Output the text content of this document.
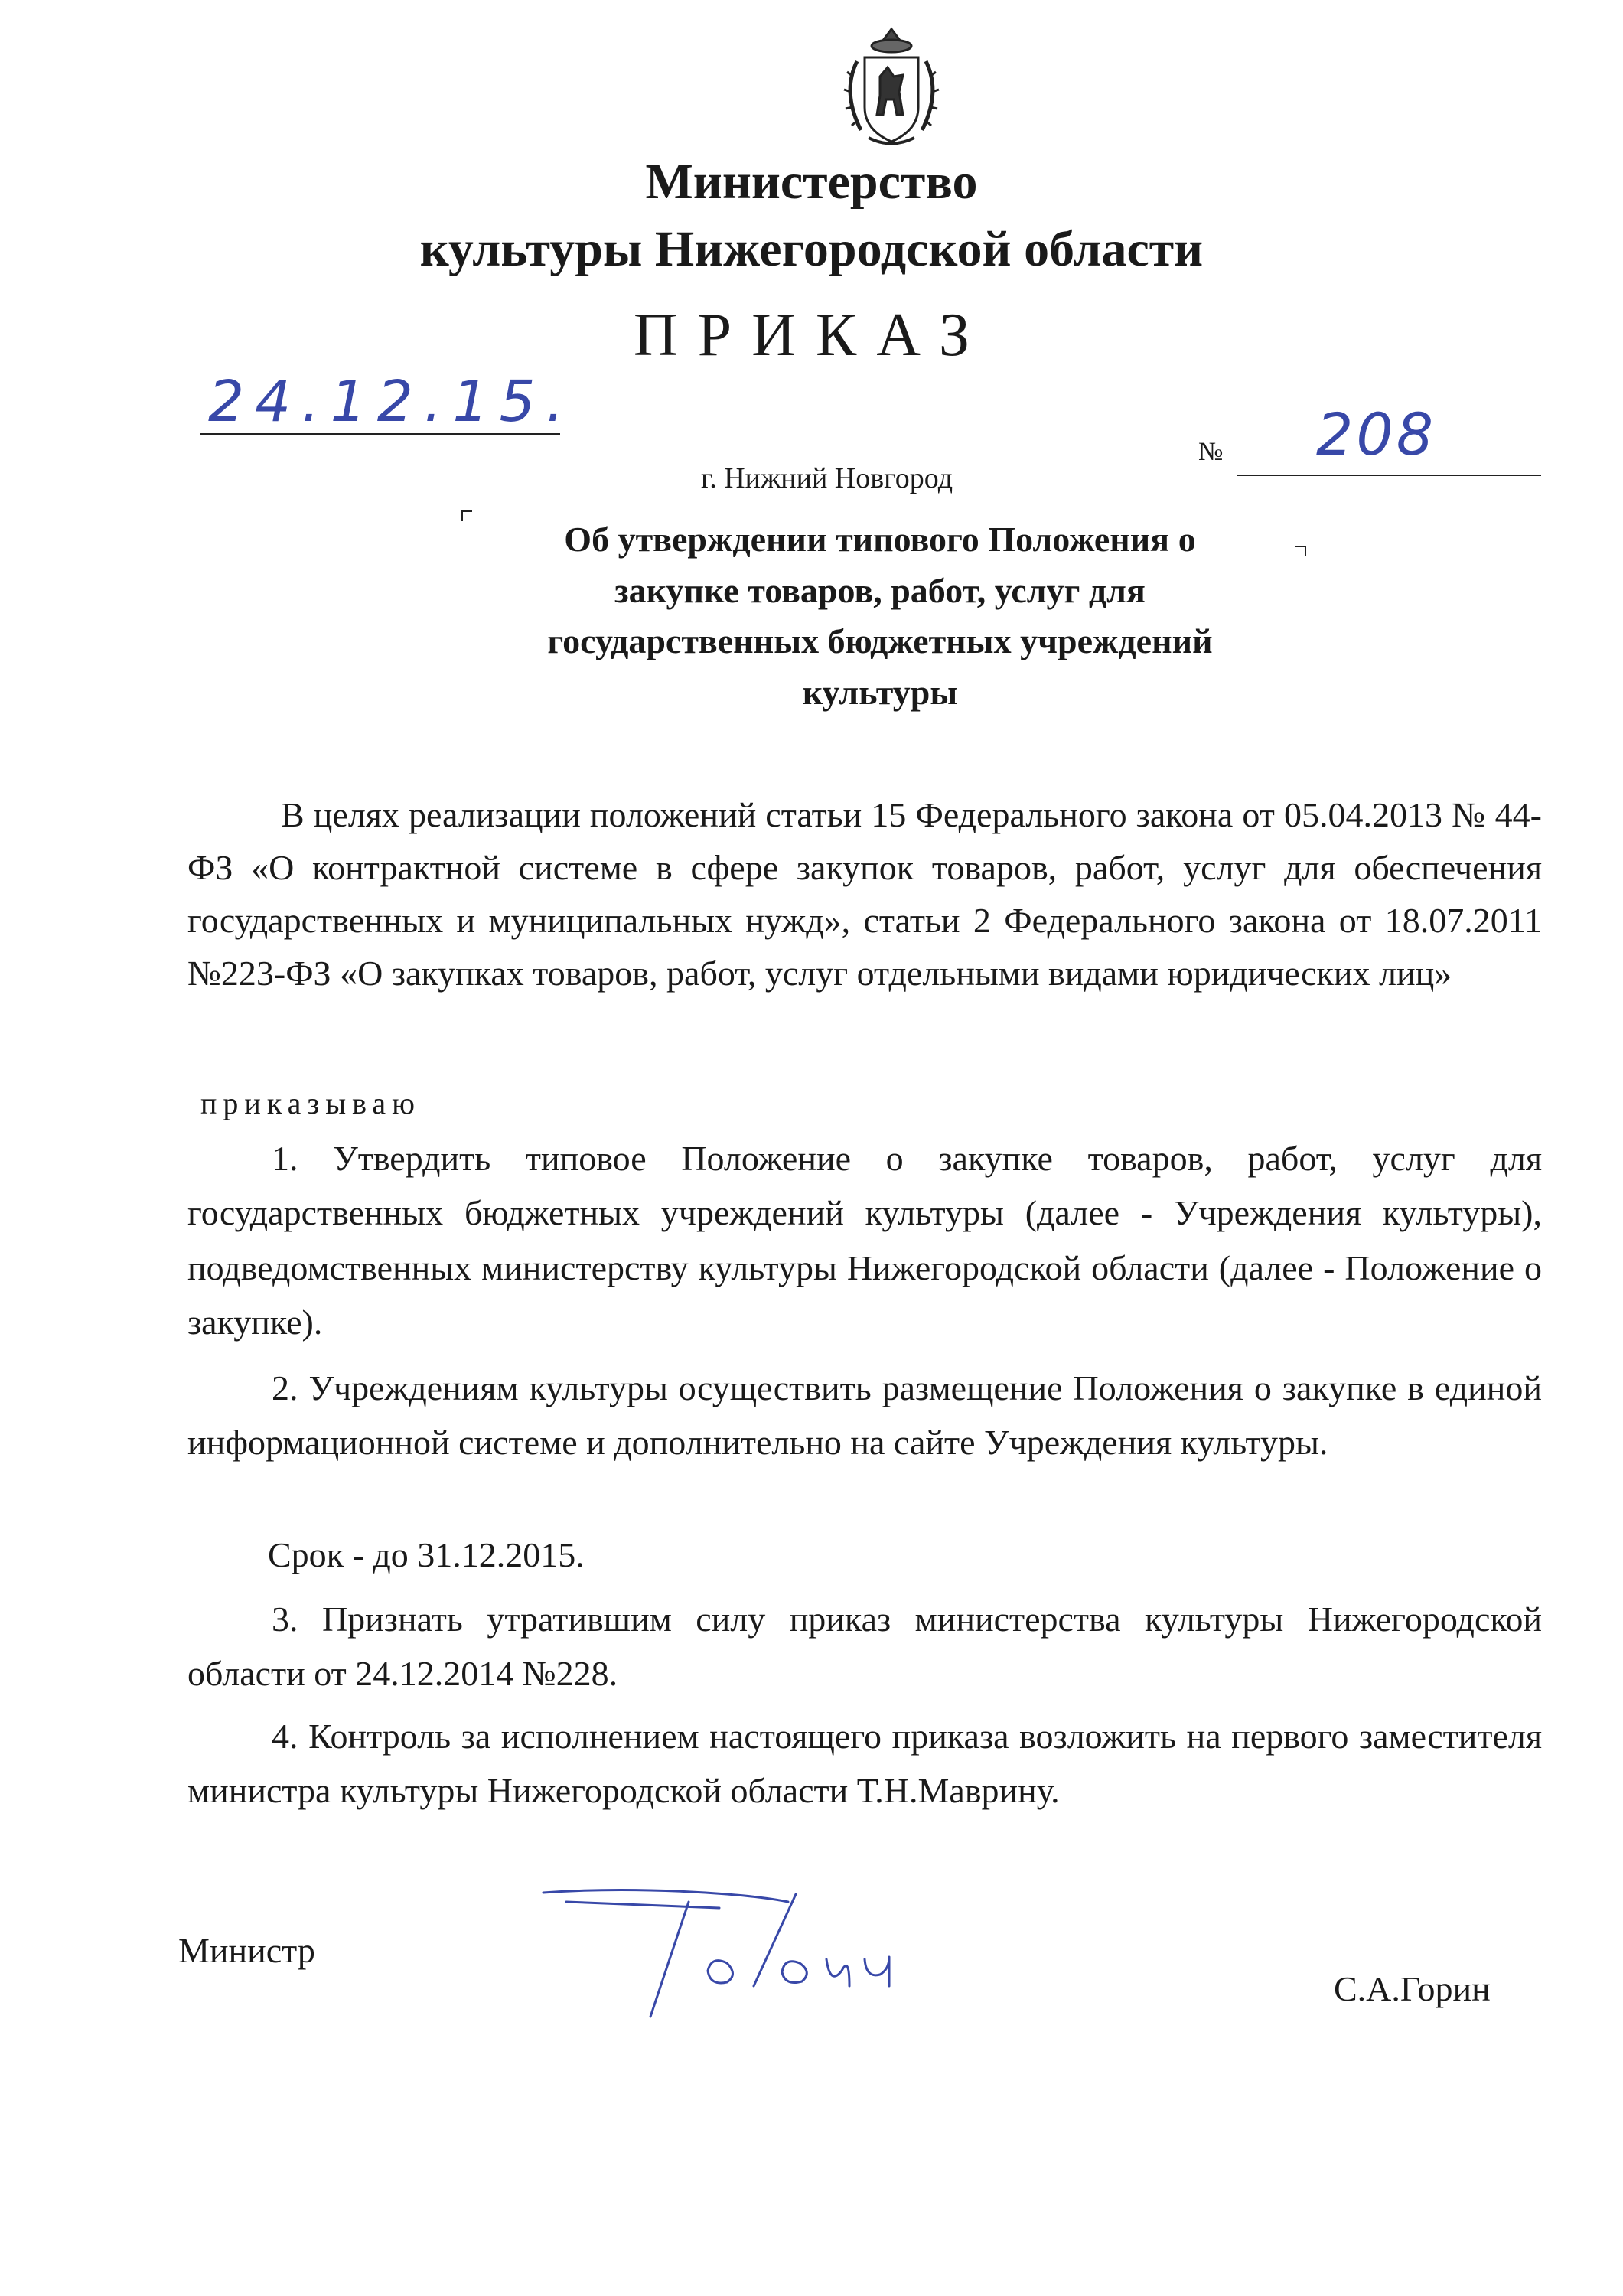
Министерство
культуры Нижегородской области
ПРИКАЗ
24.12.15.
№ 208
г. Нижний Новгород
Об утверждении типового Положения о
закупке товаров, работ, услуг для
государственных бюджетных учреждений
культуры
В целях реализации положений статьи 15 Федерального закона от 05.04.2013 № 44-ФЗ «О контрактной системе в сфере закупок товаров, работ, услуг для обеспечения государственных и муниципальных нужд», статьи 2 Федерального закона от 18.07.2011 №223-ФЗ «О закупках товаров, работ, услуг отдельными видами юридических лиц»
приказываю
1. Утвердить типовое Положение о закупке товаров, работ, услуг для государственных бюджетных учреждений культуры (далее - Учреждения культуры), подведомственных министерству культуры Нижегородской области (далее - Положение о закупке).
2. Учреждениям культуры осуществить размещение Положения о закупке в единой информационной системе и дополнительно на сайте Учреждения культуры.
Срок - до 31.12.2015.
3. Признать утратившим силу приказ министерства культуры Нижегородской области от 24.12.2014 №228.
4. Контроль за исполнением настоящего приказа возложить на первого заместителя министра культуры Нижегородской области Т.Н.Маврину.
Министр
С.А.Горин
